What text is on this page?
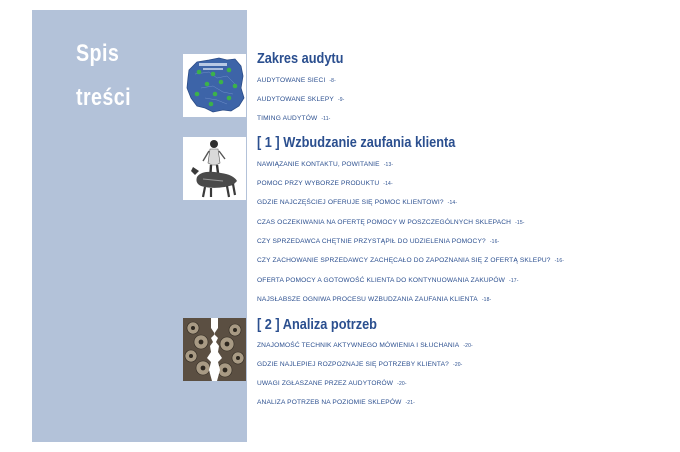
Spis
treści
Zakres audytu

AUDYTOWANE SIECI -8-

AUDYTOWANE SKLEPY -9-

TIMING AUDYTÓW -11-

[ 1 ] Wzbudzanie zaufania klienta

NAWIĄZANIE KONTAKTU, POWITANIE -13-

POMOC PRZY WYBORZE PRODUKTU -14-

GDZIE NAJCZĘŚCIEJ OFERUJE SIĘ POMOC KLIENTOWI? -14-

CZAS OCZEKIWANIA NA OFERTĘ POMOCY W POSZCZEGÓLNYCH SKLEPACH -15-

CZY SPRZEDAWCA CHĘTNIE PRZYSTĄPIŁ DO UDZIELENIA POMOCY? -16-

CZY ZACHOWANIE SPRZEDAWCY ZACHĘCAŁO DO ZAPOZNANIA SIĘ Z OFERTĄ SKLEPU? -16-

OFERTA POMOCY A GOTOWOŚĆ KLIENTA DO KONTYNUOWANIA ZAKUPÓW -17-

NAJSŁABSZE OGNIWA PROCESU WZBUDZANIA ZAUFANIA KLIENTA -18-

[ 2 ] Analiza potrzeb

ZNAJOMOŚĆ TECHNIK AKTYWNEGO MÓWIENIA I SŁUCHANIA -20-

GDZIE NAJLEPIEJ ROZPOZNAJE SIĘ POTRZEBY KLIENTA? -20-

UWAGI ZGŁASZANE PRZEZ AUDYTORÓW -20-

ANALIZA POTRZEB NA POZIOMIE SKLEPÓW -21-
